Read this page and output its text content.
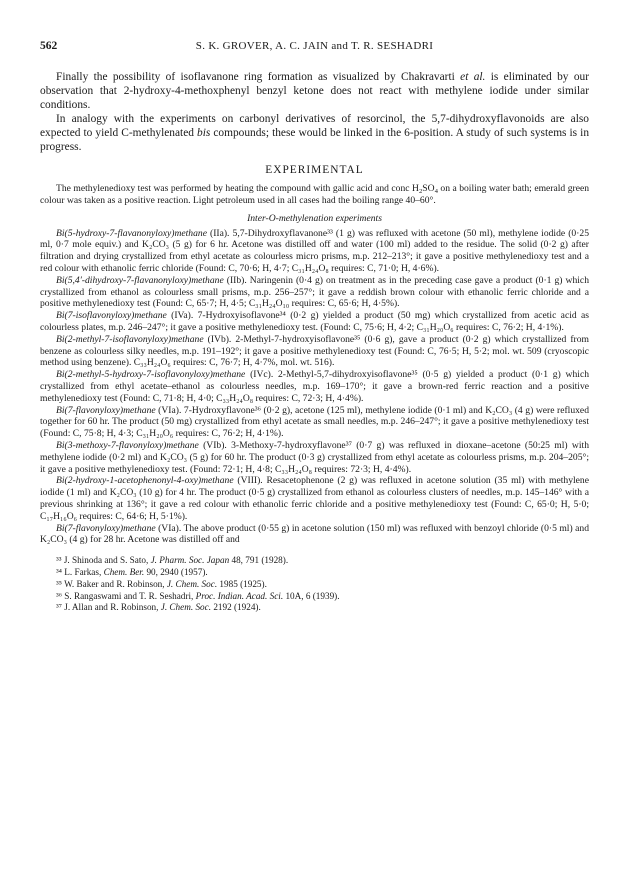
562	S. K. GROVER, A. C. JAIN and T. R. SESHADRI

Finally the possibility of isoflavanone ring formation as visualized by Chakravarti et al. is eliminated by our observation that 2-hydroxy-4-methoxphenyl benzyl ketone does not react with methylene iodide under similar conditions.

In analogy with the experiments on carbonyl derivatives of resorcinol, the 5,7-dihydroxyflavonoids are also expected to yield C-methylenated bis compounds; these would be linked in the 6-position. A study of such systems is in progress.

EXPERIMENTAL

The methylenedioxy test was performed by heating the compound with gallic acid and conc $H_2SO_4$ on a boiling water bath; emerald green colour was taken as a positive reaction. Light petroleum used in all cases had the boiling range 40–60°.

Inter-O-methylenation experiments

Bi(5-hydroxy-7-flavanonyloxy)methane (IIa). 5,7-Dihydroxyflavanone³³ (1 g) was refluxed with acetone (50 ml), methylene iodide (0·25 ml, 0·7 mole equiv.) and K₂CO₃ (5 g) for 6 hr. Acetone was distilled off and water (100 ml) added to the residue. The solid (0·2 g) after filtration and drying crystallized from ethyl acetate as colourless micro prisms, m.p. 212–213°; it gave a positive methylenedioxy test and a red colour with ethanolic ferric chloride (Found: C, 70·6; H, 4·7; C₃₁H₂₄O₈ requires: C, 71·0; H, 4·6%).

Bi(5,4′-dihydroxy-7-flavanonyloxy)methane (IIb). Naringenin (0·4 g) on treatment as in the preceding case gave a product (0·1 g) which crystallized from ethanol as colourless small prisms, m.p. 256–257°; it gave a reddish brown colour with ethanolic ferric chloride and a positive methylenedioxy test (Found: C, 65·7; H, 4·5; C₃₁H₂₄O₁₀ requires: C, 65·6; H, 4·5%).

Bi(7-isoflavonyloxy)methane (IVa). 7-Hydroxyisoflavone³⁴ (0·2 g) yielded a product (50 mg) which crystallized from acetic acid as colourless plates, m.p. 246–247°; it gave a positive methylenedioxy test. (Found: C, 75·6; H, 4·2; C₃₁H₂₀O₆ requires: C, 76·2; H, 4·1%).

Bi(2-methyl-7-isoflavonyloxy)methane (IVb). 2-Methyl-7-hydroxyisoflavone³⁵ (0·6 g), gave a product (0·2 g) which crystallized from benzene as colourless silky needles, m.p. 191–192°; it gave a positive methylenedioxy test (Found: C, 76·5; H, 5·2; mol. wt. 509 (cryoscopic method using benzene). C₃₃H₂₄O₆ requires: C, 76·7; H, 4·7%, mol. wt. 516).

Bi(2-methyl-5-hydroxy-7-isoflavonyloxy)methane (IVc). 2-Methyl-5,7-dihydroxyisoflavone³⁵ (0·5 g) yielded a product (0·1 g) which crystallized from ethyl acetate–ethanol as colourless needles, m.p. 169–170°; it gave a brown-red ferric reaction and a positive methylenedioxy test (Found: C, 71·8; H, 4·0; C₃₃H₂₄O₈ requires: C, 72·3; H, 4·4%).

Bi(7-flavonyloxy)methane (VIa). 7-Hydroxyflavone³⁶ (0·2 g), acetone (125 ml), methylene iodide (0·1 ml) and K₂CO₃ (4 g) were refluxed together for 60 hr. The product (50 mg) crystallized from ethyl acetate as small needles, m.p. 246–247°; it gave a positive methylenedioxy test (Found: C, 75·8; H, 4·3; C₃₁H₂₀O₆ requires: C, 76·2; H, 4·1%).

Bi(3-methoxy-7-flavonyloxy)methane (VIb). 3-Methoxy-7-hydroxyflavone³⁷ (0·7 g) was refluxed in dioxane–acetone (50:25 ml) with methylene iodide (0·2 ml) and K₂CO₃ (5 g) for 60 hr. The product (0·3 g) crystallized from ethyl acetate as colourless prisms, m.p. 204–205°; it gave a positive methylenedioxy test. (Found: 72·1; H, 4·8; C₃₃H₂₄O₈ requires: 72·3; H, 4·4%).

Bi(2-hydroxy-1-acetophenonyl-4-oxy)methane (VIII). Resacetophenone (2 g) was refluxed in acetone solution (35 ml) with methylene iodide (1 ml) and K₂CO₃ (10 g) for 4 hr. The product (0·5 g) crystallized from ethanol as colourless clusters of needles, m.p. 145–146° with a previous shrinking at 136°; it gave a red colour with ethanolic ferric chloride and a positive methylenedioxy test (Found: C, 65·0; H, 5·0; C₁₇H₁₆O₆ requires: C, 64·6; H, 5·1%).

Bi(7-flavonyloxy)methane (VIa). The above product (0·55 g) in acetone solution (150 ml) was refluxed with benzoyl chloride (0·5 ml) and K₂CO₃ (4 g) for 28 hr. Acetone was distilled off and

³³ J. Shinoda and S. Sato, J. Pharm. Soc. Japan 48, 791 (1928).

³⁴ L. Farkas, Chem. Ber. 90, 2940 (1957).

³⁵ W. Baker and R. Robinson, J. Chem. Soc. 1985 (1925).

³⁶ S. Rangaswami and T. R. Seshadri, Proc. Indian. Acad. Sci. 10A, 6 (1939).

³⁷ J. Allan and R. Robinson, J. Chem. Soc. 2192 (1924).
